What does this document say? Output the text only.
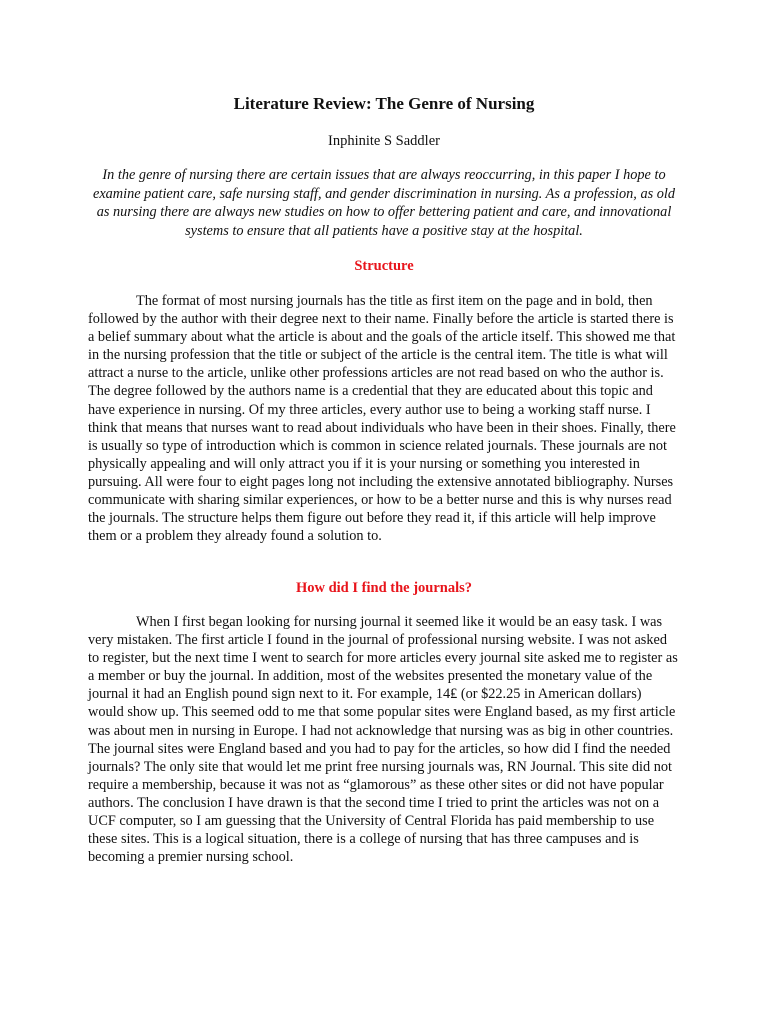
Literature Review: The Genre of Nursing

Inphinite S Saddler

In the genre of nursing there are certain issues that are always reoccurring, in this paper I hope to examine patient care, safe nursing staff, and gender discrimination in nursing. As a profession, as old as nursing there are always new studies on how to offer bettering patient and care, and innovational systems to ensure that all patients have a positive stay at the hospital.

Structure

The format of most nursing journals has the title as first item on the page and in bold, then followed by the author with their degree next to their name. Finally before the article is started there is a belief summary about what the article is about and the goals of the article itself. This showed me that in the nursing profession that the title or subject of the article is the central item. The title is what will attract a nurse to the article, unlike other professions articles are not read based on who the author is. The degree followed by the authors name is a credential that they are educated about this topic and have experience in nursing. Of my three articles, every author use to being a working staff nurse. I think that means that nurses want to read about individuals who have been in their shoes. Finally, there is usually so type of introduction which is common in science related journals. These journals are not physically appealing and will only attract you if it is your nursing or something you interested in pursuing. All were four to eight pages long not including the extensive annotated bibliography. Nurses communicate with sharing similar experiences, or how to be a better nurse and this is why nurses read the journals. The structure helps them figure out before they read it, if this article will help improve them or a problem they already found a solution to.

How did I find the journals?

When I first began looking for nursing journal it seemed like it would be an easy task. I was very mistaken. The first article I found in the journal of professional nursing website. I was not asked to register, but the next time I went to search for more articles every journal site asked me to register as a member or buy the journal. In addition, most of the websites presented the monetary value of the journal it had an English pound sign next to it. For example, 14₤ (or $22.25 in American dollars) would show up. This seemed odd to me that some popular sites were England based, as my first article was about men in nursing in Europe. I had not acknowledge that nursing was as big in other countries. The journal sites were England based and you had to pay for the articles, so how did I find the needed journals? The only site that would let me print free nursing journals was, RN Journal. This site did not require a membership, because it was not as “glamorous” as these other sites or did not have popular authors. The conclusion I have drawn is that the second time I tried to print the articles was not on a UCF computer, so I am guessing that the University of Central Florida has paid membership to use these sites. This is a logical situation, there is a college of nursing that has three campuses and is becoming a premier nursing school.
